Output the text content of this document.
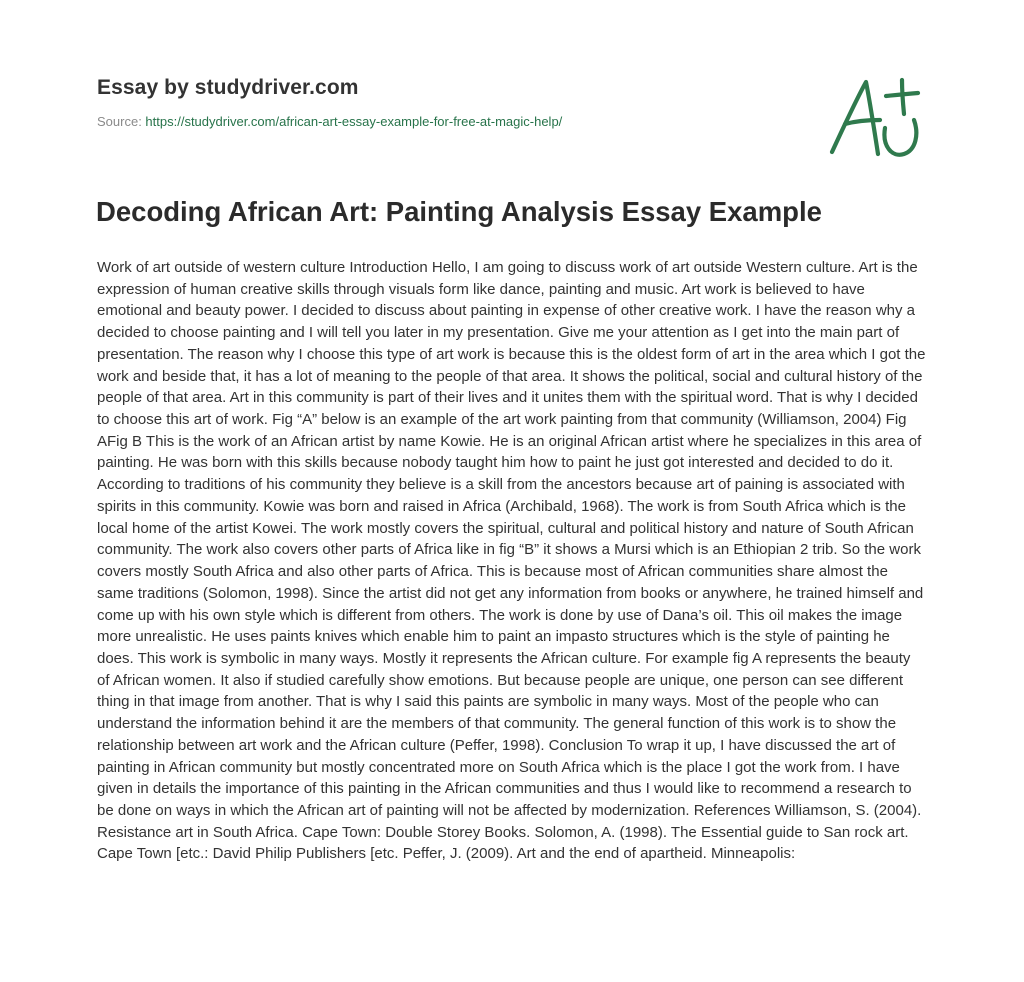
Essay by studydriver.com
Source: https://studydriver.com/african-art-essay-example-for-free-at-magic-help/
Decoding African Art: Painting Analysis Essay Example

Work of art outside of western culture Introduction Hello, I am going to discuss work of art outside Western culture. Art is the expression of human creative skills through visuals form like dance, painting and music. Art work is believed to have emotional and beauty power. I decided to discuss about painting in expense of other creative work. I have the reason why a decided to choose painting and I will tell you later in my presentation. Give me your attention as I get into the main part of presentation. The reason why I choose this type of art work is because this is the oldest form of art in the area which I got the work and beside that, it has a lot of meaning to the people of that area. It shows the political, social and cultural history of the people of that area. Art in this community is part of their lives and it unites them with the spiritual word. That is why I decided to choose this art of work. Fig “A” below is an example of the art work painting from that community (Williamson, 2004) Fig AFig B This is the work of an African artist by name Kowie. He is an original African artist where he specializes in this area of painting. He was born with this skills because nobody taught him how to paint he just got interested and decided to do it. According to traditions of his community they believe is a skill from the ancestors because art of paining is associated with spirits in this community. Kowie was born and raised in Africa (Archibald, 1968). The work is from South Africa which is the local home of the artist Kowei. The work mostly covers the spiritual, cultural and political history and nature of South African community. The work also covers other parts of Africa like in fig “B” it shows a Mursi which is an Ethiopian 2 trib. So the work covers mostly South Africa and also other parts of Africa. This is because most of African communities share almost the same traditions (Solomon, 1998). Since the artist did not get any information from books or anywhere, he trained himself and come up with his own style which is different from others. The work is done by use of Dana’s oil. This oil makes the image more unrealistic. He uses paints knives which enable him to paint an impasto structures which is the style of painting he does. This work is symbolic in many ways. Mostly it represents the African culture. For example fig A represents the beauty of African women. It also if studied carefully show emotions. But because people are unique, one person can see different thing in that image from another. That is why I said this paints are symbolic in many ways. Most of the people who can understand the information behind it are the members of that community. The general function of this work is to show the relationship between art work and the African culture (Peffer, 1998). Conclusion To wrap it up, I have discussed the art of painting in African community but mostly concentrated more on South Africa which is the place I got the work from. I have given in details the importance of this painting in the African communities and thus I would like to recommend a research to be done on ways in which the African art of painting will not be affected by modernization. References Williamson, S. (2004). Resistance art in South Africa. Cape Town: Double Storey Books. Solomon, A. (1998). The Essential guide to San rock art. Cape Town [etc.: David Philip Publishers [etc. Peffer, J. (2009). Art and the end of apartheid. Minneapolis:
